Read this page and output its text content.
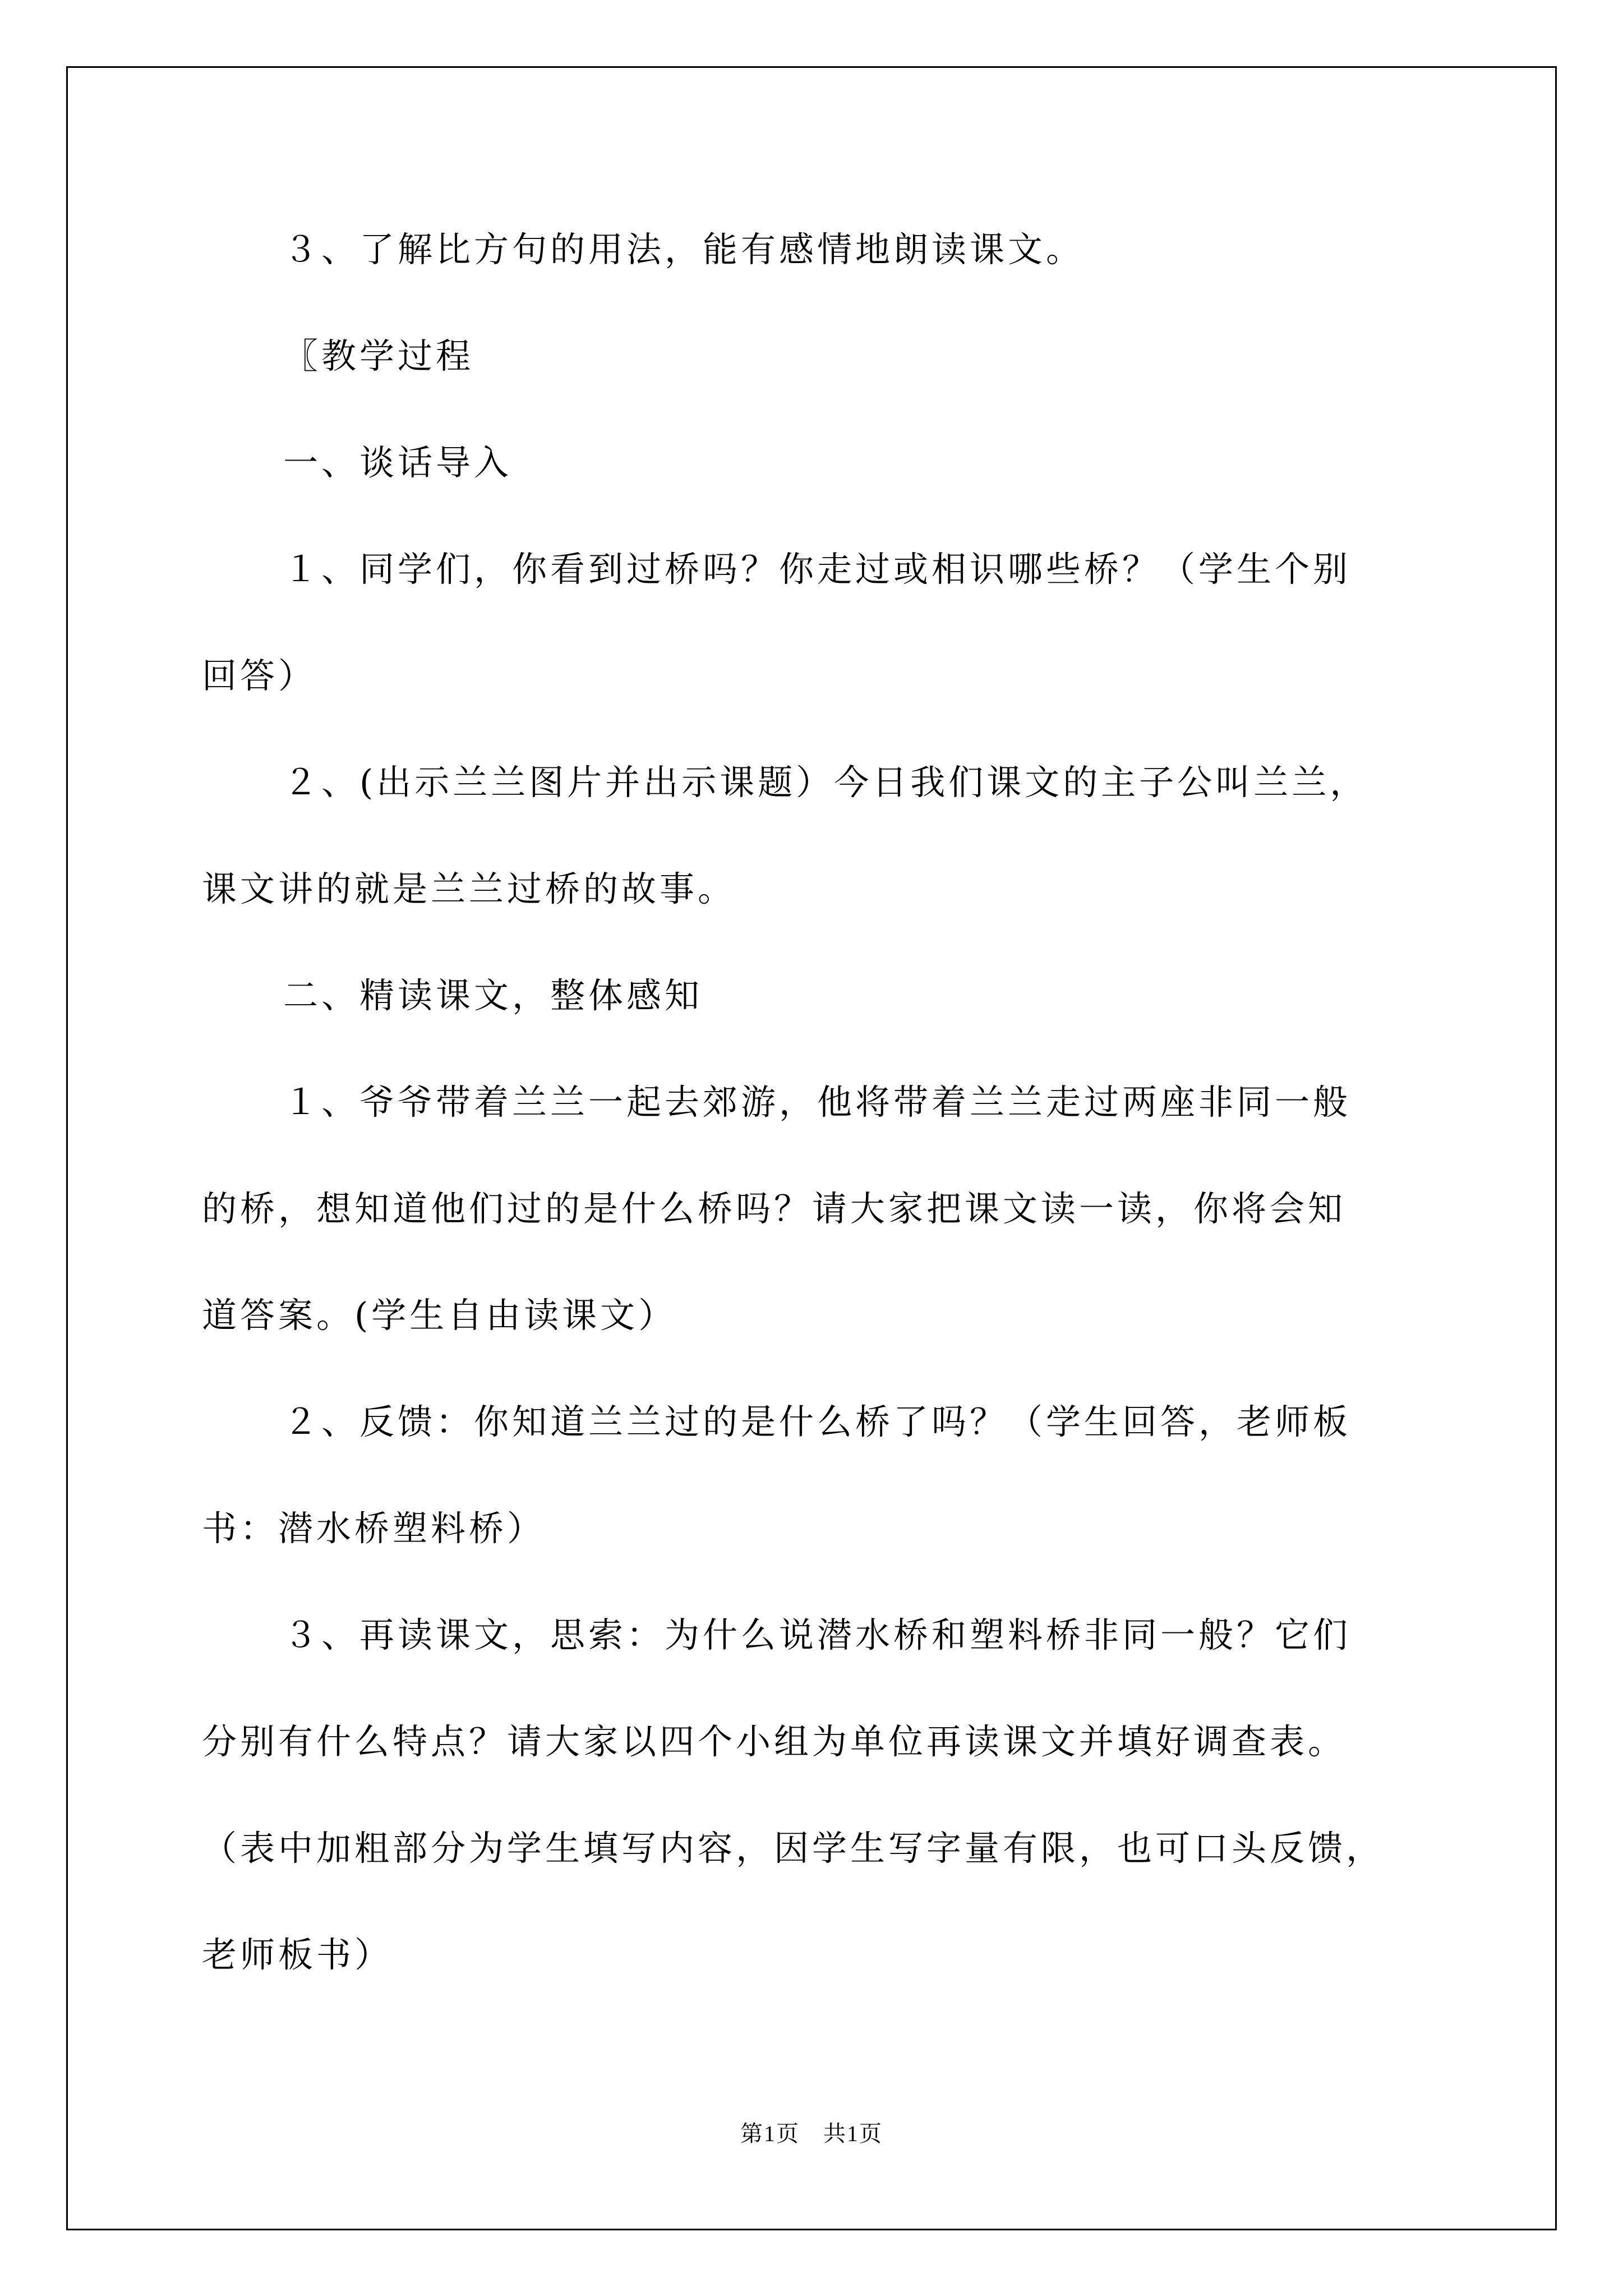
３、了解比方句的用法，能有感情地朗读课文。
〖教学过程
一、谈话导入
１、同学们，你看到过桥吗？你走过或相识哪些桥？（学生个别
回答）
２、(出示兰兰图片并出示课题）今日我们课文的主子公叫兰兰，
课文讲的就是兰兰过桥的故事。
二、精读课文，整体感知
１、爷爷带着兰兰一起去郊游，他将带着兰兰走过两座非同一般
的桥，想知道他们过的是什么桥吗？请大家把课文读一读，你将会知
道答案。(学生自由读课文）
２、反馈：你知道兰兰过的是什么桥了吗？（学生回答，老师板
书：潜水桥塑料桥）
３、再读课文，思索：为什么说潜水桥和塑料桥非同一般？它们
分别有什么特点？请大家以四个小组为单位再读课文并填好调查表。
（表中加粗部分为学生填写内容，因学生写字量有限，也可口头反馈，
老师板书）
第1页　共1页
